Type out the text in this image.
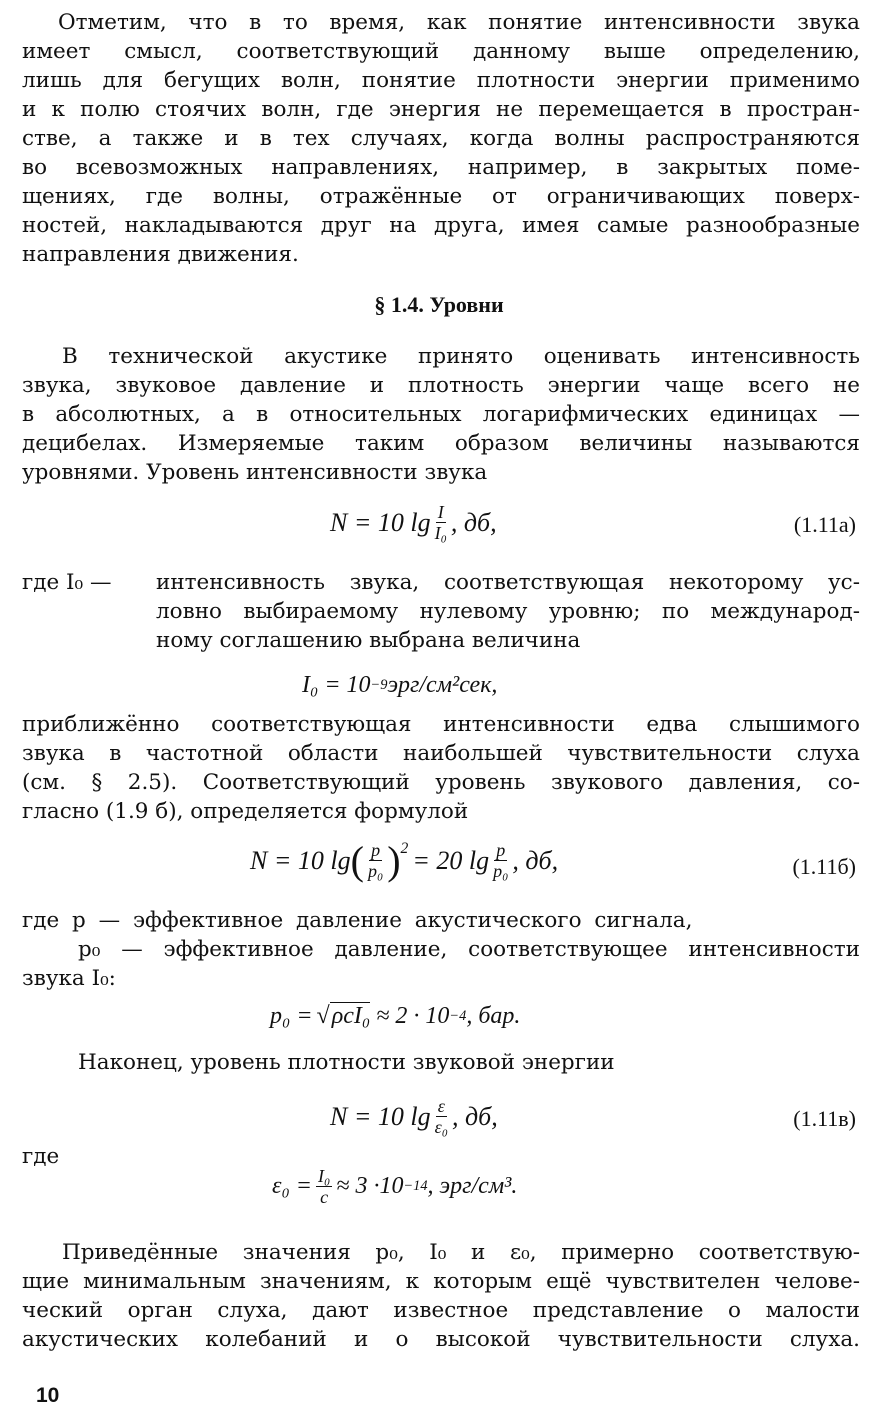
Отметим, что в то время, как понятие интенсивности звука
имеет смысл, соответствующий данному выше определению,
лишь для бегущих волн, понятие плотности энергии применимо
и к полю стоячих волн, где энергия не перемещается в простран-
стве, а также и в тех случаях, когда волны распространяются
во всевозможных направлениях, например, в закрытых поме-
щениях, где волны, отражённые от ограничивающих поверх-
ностей, накладываются друг на друга, имея самые разнообразные
направления движения.
§ 1.4. Уровни
В технической акустике принято оценивать интенсивность
звука, звуковое давление и плотность энергии чаще всего не
в абсолютных, а в относительных логарифмических единицах —
децибелах. Измеряемые таким образом величины называются
уровнями. Уровень интенсивности звука
N = 10 $\lg \frac{I}{\text{I₀}}$ , дб,	(1.11а)
где I₀ — интенсивность звука, соответствующая некоторому ус-
ловно выбираемому нулевому уровню; по международ-
ному соглашению выбрана величина
I₀ = 10 −9 эрг/см²сек,
приближённо соответствующая интенсивности едва слышимого
звука в частотной области наибольшей чувствительности слуха
(см. § 2.5). Соответствующий уровень звукового давления, со-
гласно (1.9 б), определяется формулой
N = 10 lg ( $\frac{p}{\text{p₀}} )^2 = 20$ $\lg \frac{p}{\text{p₀}}$ , дб,	(1.11б)
где p — эффективное давление акустического сигнала,
p₀ — эффективное давление, соответствующее интенсивности
звука I₀:
p₀ = √ ρcI₀ ≈ 2 · 10 −4 , бар.
Наконец, уровень плотности звуковой энергии
N = 10 $\lg \frac{\varepsilon}{\text{ε₀}}$ , дб,	(1.11в)
где
$\varepsilon_0 = \frac{\text{I₀}}{c} \approx 3 \cdot 10 -14$ , эрг/см³.
Приведённые значения p₀, I₀ и ε₀, примерно соответствую-
щие минимальным значениям, к которым ещё чувствителен челове-
ческий орган слуха, дают известное представление о малости
акустических колебаний и о высокой чувствительности слуха.
10
